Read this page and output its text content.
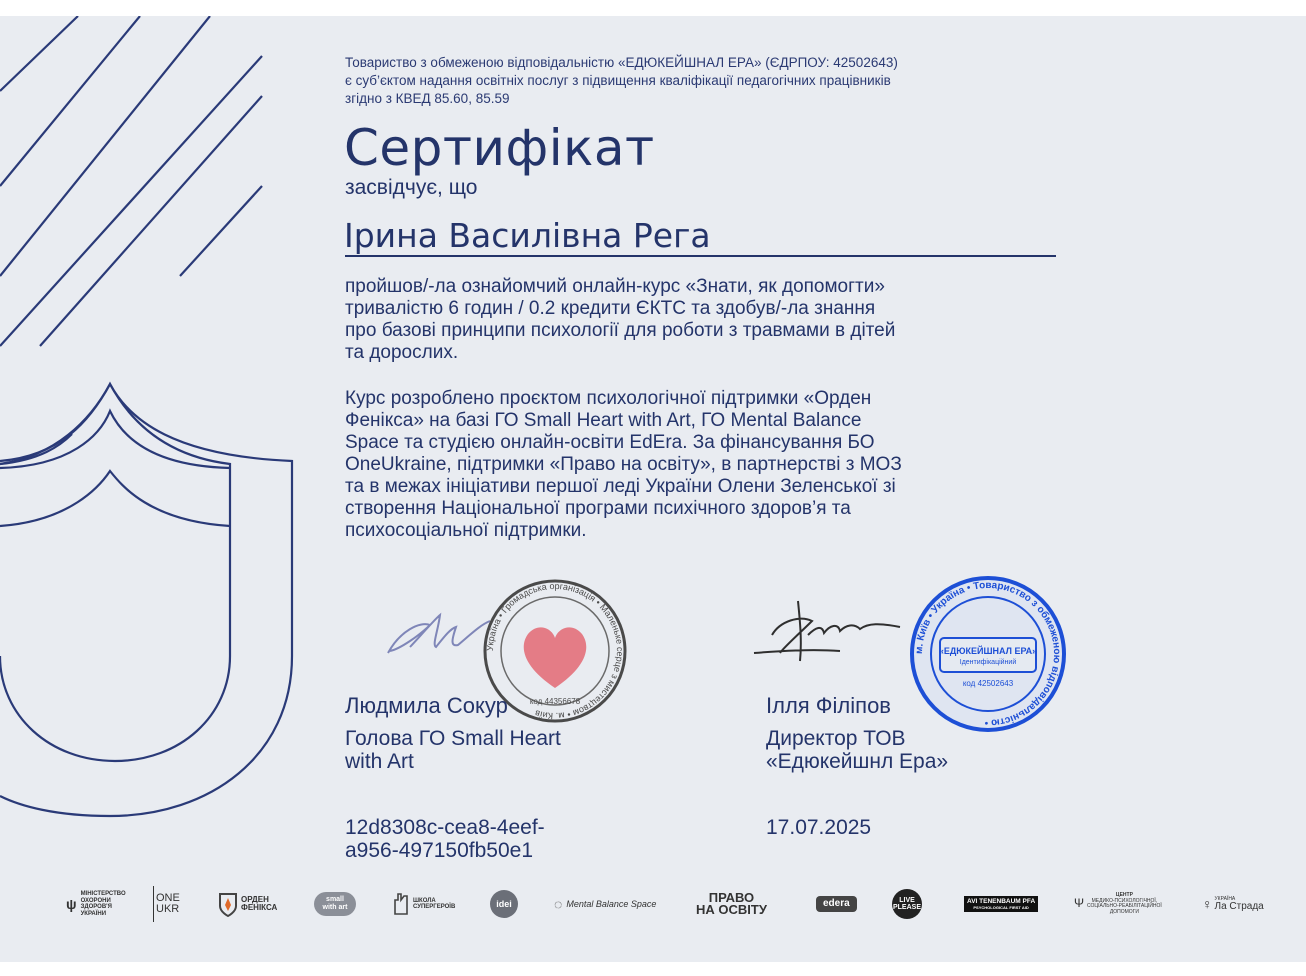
Товариство з обмеженою відповідальністю «ЕДЮКЕЙШНАЛ ЕРА» (ЄДРПОУ: 42502643)
є суб’єктом надання освітніх послуг з підвищення кваліфікації педагогічних працівників
згідно з КВЕД 85.60, 85.59
Сертифікат
засвідчує, що
Ірина Василівна Рега
пройшов/-ла ознайомчий онлайн-курс «Знати, як допомогти»
тривалістю 6 годин / 0.2 кредити ЄКТС та здобув/-ла знання
про базові принципи психології для роботи з травмами в дітей
та дорослих.
Курс розроблено проєктом психологічної підтримки «Орден
Фенікса» на базі ГО Small Heart with Art, ГО Mental Balance
Space та студією онлайн-освіти EdEra. За фінансування БО
OneUkraine, підтримки «Право на освіту», в партнерстві з МОЗ
та в межах ініціативи першої леді України Олени Зеленської зі
створення Національної програми психічного здоров’я та
психосоціальної підтримки.
Україна • Громадська організація • Маленьке серце з мистецтвом • м. Київ
код 44356678
м. Київ • Україна • Товариство з обмеженою відповідальністю •
«ЕДЮКЕЙШНАЛ ЕРА»
Ідентифікаційний
код 42502643
Людмила Сокур
Голова ГО Small Heart
with Art
12d8308c-cea8-4eef-
a956-497150fb50e1
Ілля Філіпов
Директор ТОВ
«Едюкейшнл Ера»
17.07.2025
ψ
МІНІСТЕРСТВО
ОХОРОНИ
ЗДОРОВ'Я
УКРАЇНИ
ONE
UKR
ОРДЕН
ФЕНІКСА
small
with art
ШКОЛА
СУПЕРГЕРОЇВ	idei	◌ Mental Balance Space	ПРАВО
НА ОСВІТУ	edera	LIVE
PLEASE
AVI TENENBAUM PFA
PSYCHOLOGICAL FIRST AID	Ψ
ЦЕНТР
МЕДИКО-ПСИХОЛОГІЧНОЇ,
СОЦІАЛЬНО-РЕАБІЛІТАЦІЙНОЇ
ДОПОМОГИ	♀ УКРАЇНА
Ла Страда
